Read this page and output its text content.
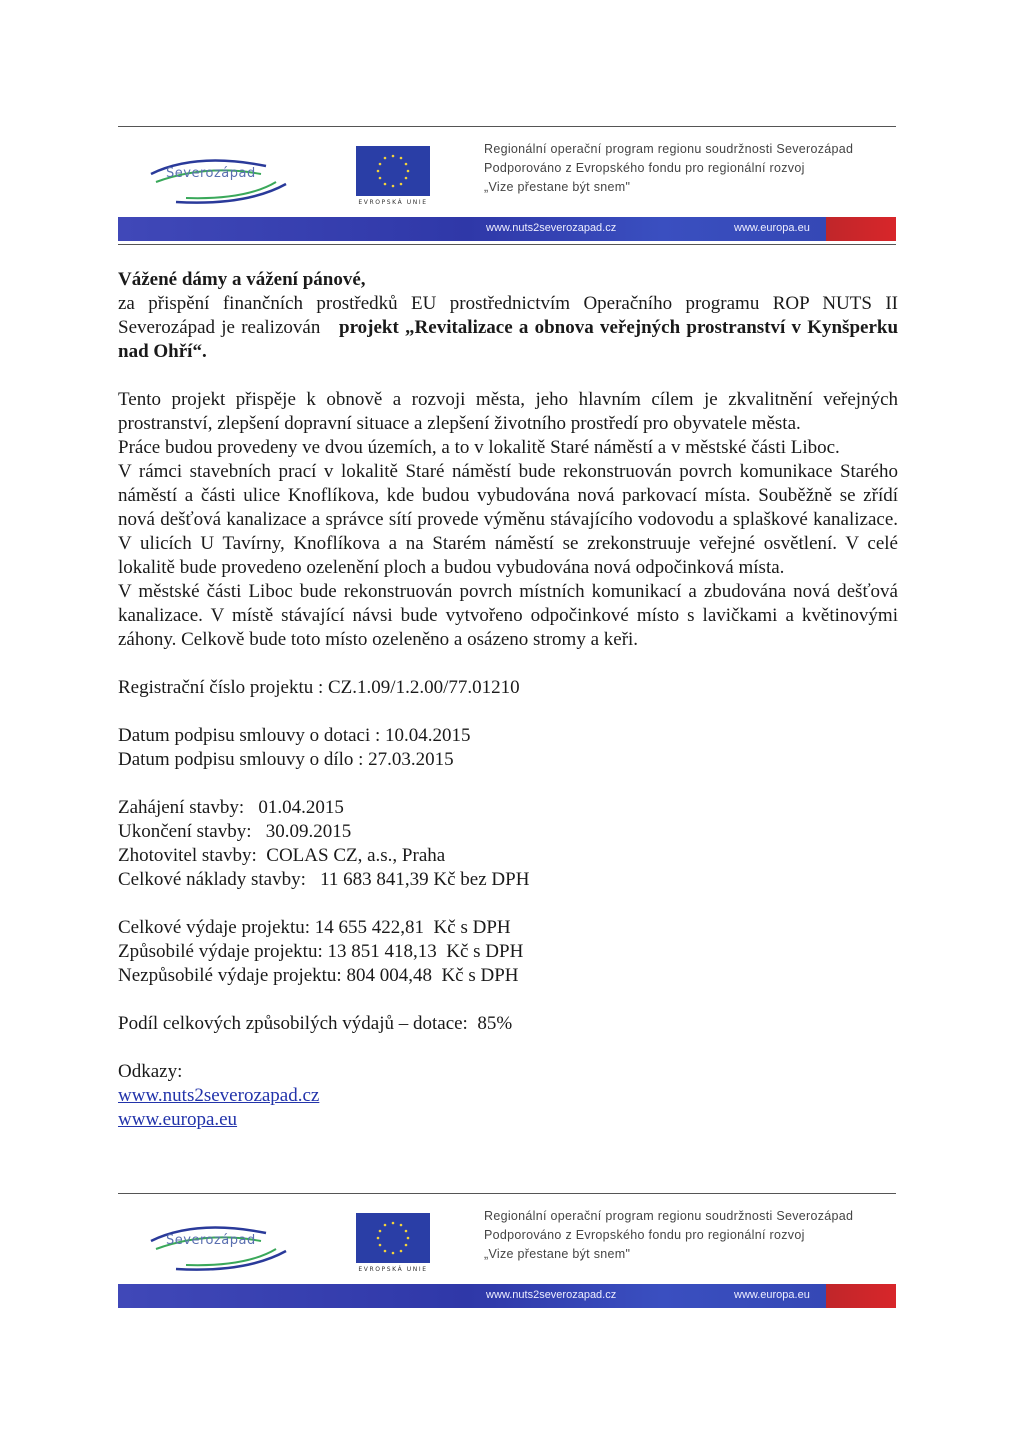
Severozápad
EVROPSKÁ UNIE
Regionální operační program regionu soudržnosti Severozápad
Podporováno z Evropského fondu pro regionální rozvoj
„Vize přestane být snem"
www.nuts2severozapad.cz	www.europa.eu

Vážené dámy a vážení pánové,

za přispění finančních prostředků EU prostřednictvím Operačního programu ROP NUTS II Severozápad je realizován projekt „Revitalizace a obnova veřejných prostranství v Kynšperku nad Ohří“.

Tento projekt přispěje k obnově a rozvoji města, jeho hlavním cílem je zkvalitnění veřejných prostranství, zlepšení dopravní situace a zlepšení životního prostředí pro obyvatele města.

Práce budou provedeny ve dvou územích, a to v lokalitě Staré náměstí a v městské části Liboc.

V rámci stavebních prací v lokalitě Staré náměstí bude rekonstruován povrch komunikace Starého náměstí a části ulice Knoflíkova, kde budou vybudována nová parkovací místa. Souběžně se zřídí nová dešťová kanalizace a správce sítí provede výměnu stávajícího vodovodu a splaškové kanalizace. V ulicích U Tavírny, Knoflíkova a na Starém náměstí se zrekonstruuje veřejné osvětlení. V celé lokalitě bude provedeno ozelenění ploch a budou vybudována nová odpočinková místa.

V městské části Liboc bude rekonstruován povrch místních komunikací a zbudována nová dešťová kanalizace. V místě stávající návsi bude vytvořeno odpočinkové místo s lavičkami a květinovými záhony. Celkově bude toto místo ozeleněno a osázeno stromy a keři.

Registrační číslo projektu : CZ.1.09/1.2.00/77.01210

Datum podpisu smlouvy o dotaci : 10.04.2015

Datum podpisu smlouvy o dílo : 27.03.2015

Zahájení stavby:   01.04.2015

Ukončení stavby:   30.09.2015

Zhotovitel stavby:  COLAS CZ, a.s., Praha

Celkové náklady stavby:   11 683 841,39 Kč bez DPH

Celkové výdaje projektu: 14 655 422,81  Kč s DPH

Způsobilé výdaje projektu: 13 851 418,13  Kč s DPH

Nezpůsobilé výdaje projektu: 804 004,48  Kč s DPH

Podíl celkových způsobilých výdajů – dotace:  85%

Odkazy:

www.nuts2severozapad.cz

www.europa.eu

Severozápad
EVROPSKÁ UNIE
Regionální operační program regionu soudržnosti Severozápad
Podporováno z Evropského fondu pro regionální rozvoj
„Vize přestane být snem"
www.nuts2severozapad.cz	www.europa.eu
